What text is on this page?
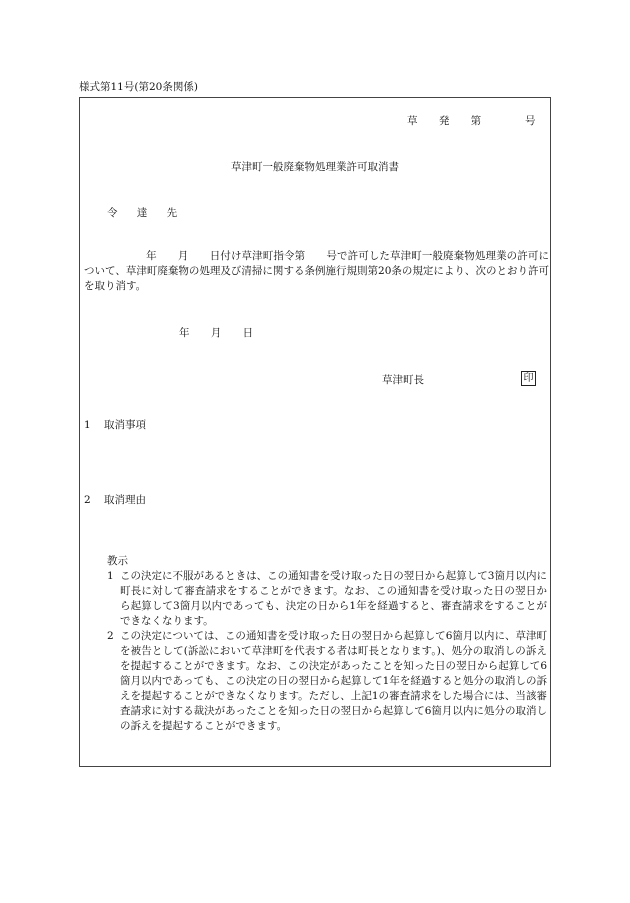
様式第11号(第20条関係)
草 発 第	号
草津町一般廃棄物処理業許可取消書
令 達 先
年　　月　　日付け草津町指令第　　号で許可した草津町一般廃棄物処理業の許可について、草津町廃棄物の処理及び清掃に関する条例施行規則第20条の規定により、次のとおり許可を取り消す。
年 月 日
草津町長	印
1 取消事項
2 取消理由
教示
1 この決定に不服があるときは、この通知書を受け取った日の翌日から起算して3箇月以内に町長に対して審査請求をすることができます。なお、この通知書を受け取った日の翌日から起算して3箇月以内であっても、決定の日から1年を経過すると、審査請求をすることができなくなります。
2 この決定については、この通知書を受け取った日の翌日から起算して6箇月以内に、草津町を被告として(訴訟において草津町を代表する者は町長となります。)、処分の取消しの訴えを提起することができます。なお、この決定があったことを知った日の翌日から起算して6箇月以内であっても、この決定の日の翌日から起算して1年を経過すると処分の取消しの訴えを提起することができなくなります。ただし、上記1の審査請求をした場合には、当該審査請求に対する裁決があったことを知った日の翌日から起算して6箇月以内に処分の取消しの訴えを提起することができます。
